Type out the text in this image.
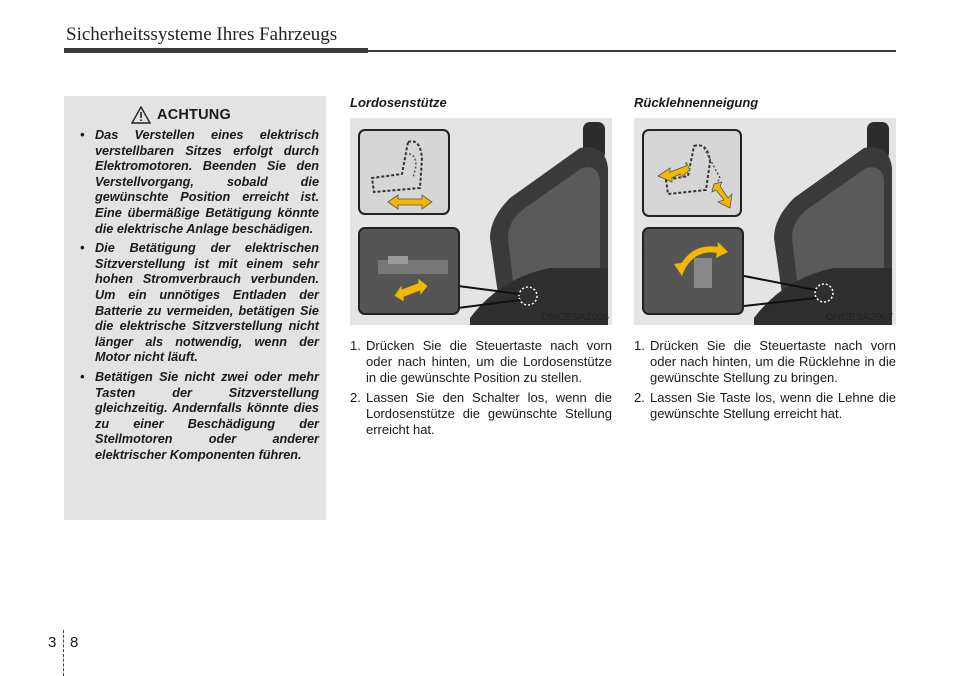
Sicherheitssysteme Ihres Fahrzeugs
ACHTUNG
• Das Verstellen eines elektrisch verstellbaren Sitzes erfolgt durch Elektromotoren. Beenden Sie den Verstellvorgang, sobald die gewünschte Position erreicht ist. Eine übermäßige Betätigung könnte die elektrische Anlage beschädigen.
• Die Betätigung der elektrischen Sitzverstellung ist mit einem sehr hohen Stromverbrauch verbunden. Um ein unnötiges Entladen der Batterie zu vermeiden, betätigen Sie die elektrische Sitzverstellung nicht länger als notwendig, wenn der Motor nicht läuft.
• Betätigen Sie nicht zwei oder mehr Tasten der Sitzverstellung gleichzeitig. Andernfalls könnte dies zu einer Beschädigung der Stellmotoren oder anderer elektrischer Komponenten führen.
Lordosenstütze
ONCESA2006
1. Drücken Sie die Steuertaste nach vorn oder nach hinten, um die Lordosenstütze in die gewünschte Position zu stellen.
2. Lassen Sie den Schalter los, wenn die Lordosenstütze die gewünschte Stellung erreicht hat.
Rücklehnenneigung
ONCESA2007
1. Drücken Sie die Steuertaste nach vorn oder nach hinten, um die Rücklehne in die gewünschte Stellung zu bringen.
2. Lassen Sie Taste los, wenn die Lehne die gewünschte Stellung erreicht hat.
3 8
